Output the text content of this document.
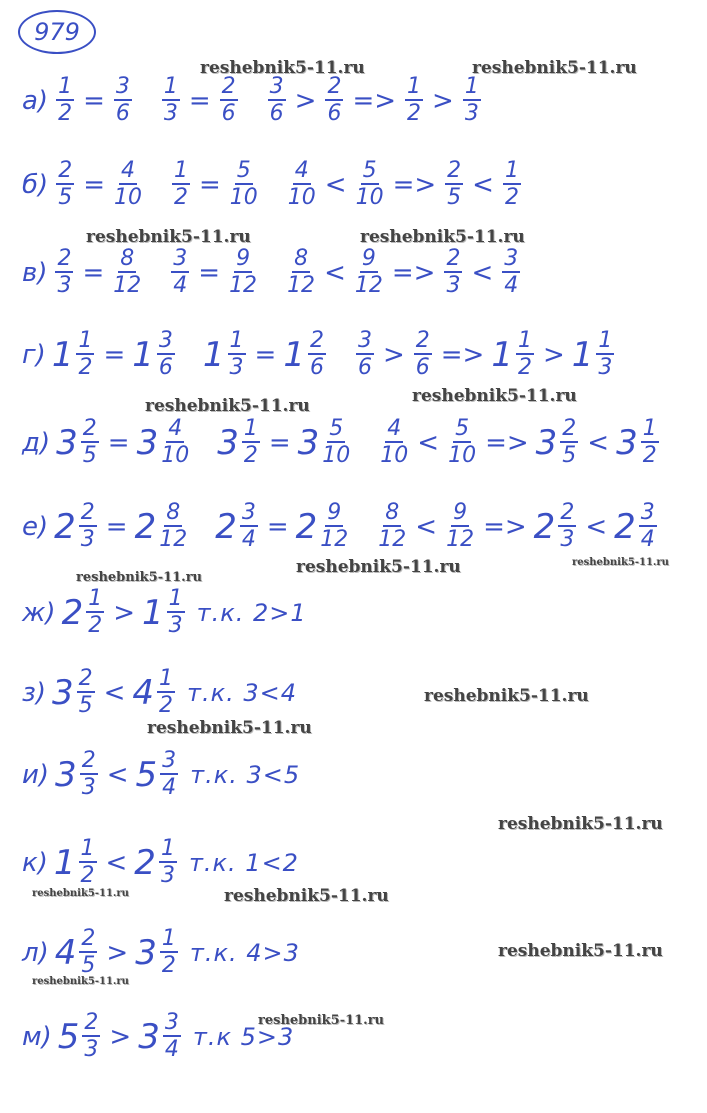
979
$а) \frac{1}{2} = \frac{3}{6} \frac{1}{3} = \frac{2}{6} \frac{3}{6} > \frac{2}{6} => \frac{1}{2} > \frac{1}{3}$
$б) \frac{2}{5} = \frac{4}{10} \frac{1}{2} = \frac{5}{10} \frac{4}{10} < \frac{5}{10} => \frac{2}{5} < \frac{1}{2}$
$в) \frac{2}{3} = \frac{8}{12} \frac{3}{4} = \frac{9}{12} \frac{8}{12} < \frac{9}{12} => \frac{2}{3} < \frac{3}{4}$
г) $1 \frac{1}{2} = 1 \frac{3}{6} 1 \frac{1}{3} = 1 \frac{2}{6} \frac{3}{6} > \frac{2}{6} => 1 \frac{1}{2} > 1 \frac{1}{3}$
д) $3 \frac{2}{5} = 3 \frac{4}{10} 3 \frac{1}{2} = 3 \frac{5}{10} \frac{4}{10} < \frac{5}{10} => 3 \frac{2}{5} < 3 \frac{1}{2}$
е) $2 \frac{2}{3} = 2 \frac{8}{12} 2 \frac{3}{4} = 2 \frac{9}{12} \frac{8}{12} < \frac{9}{12} => 2 \frac{2}{3} < 2 \frac{3}{4}$
ж) $2 \frac{1}{2} > 1 \frac{1}{3} т.к$. 2>1
з) $3 \frac{2}{5} < 4 \frac{1}{2} т.к$. 3<4
и) $3 \frac{2}{3} < 5 \frac{3}{4} т.к$. 3<5
к) $1 \frac{1}{2} < 2 \frac{1}{3} т.к$. 1<2
л) $4 \frac{2}{5} > 3 \frac{1}{2} т.к$. 4>3
м) $5 \frac{2}{3} > 3 \frac{3}{4} т.к$ 5>3
reshebnik5-11.ru	reshebnik5-11.ru
reshebnik5-11.ru	reshebnik5-11.ru
reshebnik5-11.ru
reshebnik5-11.ru
reshebnik5-11.ru
reshebnik5-11.ru
reshebnik5-11.ru
reshebnik5-11.ru
reshebnik5-11.ru
reshebnik5-11.ru
reshebnik5-11.ru
reshebnik5-11.ru
reshebnik5-11.ru
reshebnik5-11.ru
reshebnik5-11.ru
